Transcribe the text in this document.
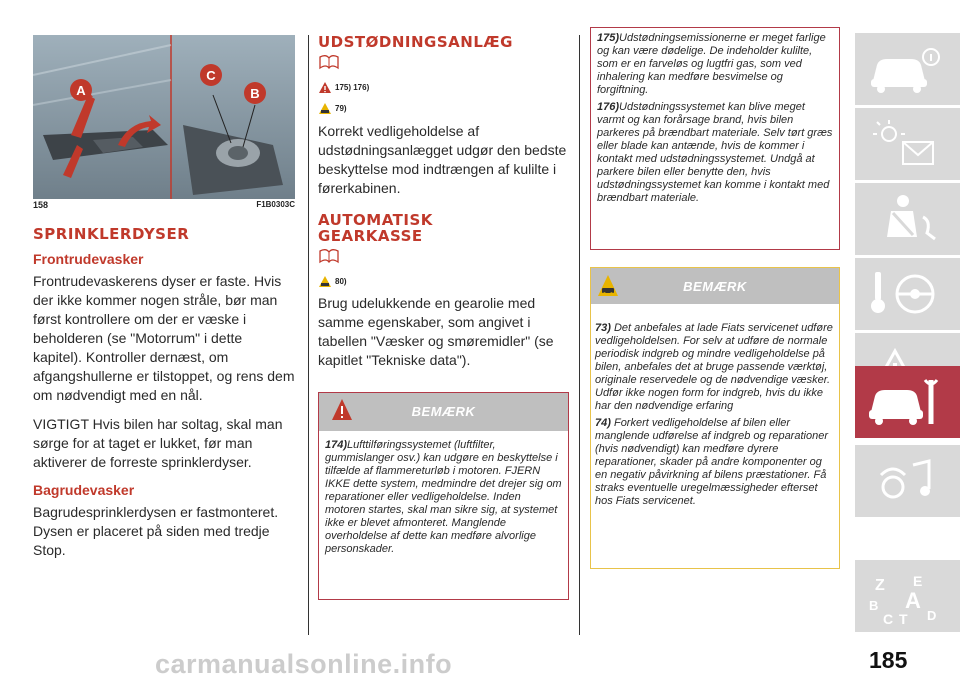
A
C
B
158	F1B0303C
SPRINKLERDYSER
Frontrudevasker

Frontrudevaskerens dyser er faste. Hvis der ikke kommer nogen stråle, bør man først kontrollere om der er væske i beholderen (se "Motorrum" i dette kapitel). Kontroller dernæst, om afgangshullerne er tilstoppet, og rens dem om nødvendigt med en nål.

VIGTIGT Hvis bilen har soltag, skal man sørge for at taget er lukket, før man aktiverer de forreste sprinklerdyser.

Bagrudevasker

Bagrudesprinklerdysen er fastmonteret. Dysen er placeret på siden med tredje Stop.

UDSTØDNINGSANLÆG
175) 176)
79)

Korrekt vedligeholdelse af udstødningsanlægget udgør den bedste beskyttelse mod indtrængen af kulilte i førerkabinen.

AUTOMATISK
GEARKASSE
80)

Brug udelukkende en gearolie med samme egenskaber, som angivet i tabellen "Væsker og smøremidler" (se kapitlet "Tekniske data").

BEMÆRK

174)Lufttilføringssystemet (luftfilter, gummislanger osv.) kan udgøre en beskyttelse i tilfælde af flammereturløb i motoren. FJERN IKKE dette system, medmindre det drejer sig om reparationer eller vedligeholdelse. Inden motoren startes, skal man sikre sig, at systemet ikke er blevet afmonteret. Manglende overholdelse af dette kan medføre alvorlige personskader.

175)Udstødningsemissionerne er meget farlige og kan være dødelige. De indeholder kulilte, som er en farveløs og lugtfri gas, som ved inhalering kan medføre besvimelse og forgiftning.

176)Udstødningssystemet kan blive meget varmt og kan forårsage brand, hvis bilen parkeres på brændbart materiale. Selv tørt græs eller blade kan antænde, hvis de kommer i kontakt med udstødningssystemet. Undgå at parkere bilen eller benytte den, hvis udstødningssystemet kan komme i kontakt med brændbart materiale.

BEMÆRK

73) Det anbefales at lade Fiats servicenet udføre vedligeholdelsen. For selv at udføre de normale periodisk indgreb og mindre vedligeholdelse på bilen, anbefales det at bruge passende værktøj, originale reservedele og de nødvendige væsker. Udfør ikke nogen form for indgreb, hvis du ikke har den nødvendige erfaring

74) Forkert vedligeholdelse af bilen eller manglende udførelse af indgreb og reparationer (hvis nødvendigt) kan medføre dyrere reparationer, skader på andre komponenter og en negativ påvirkning af bilens præstationer. Få straks eventuelle uregelmæssigheder efterset hos Fiats servicenet.

Z E
B A
C T D
185
carmanualsonline.info
